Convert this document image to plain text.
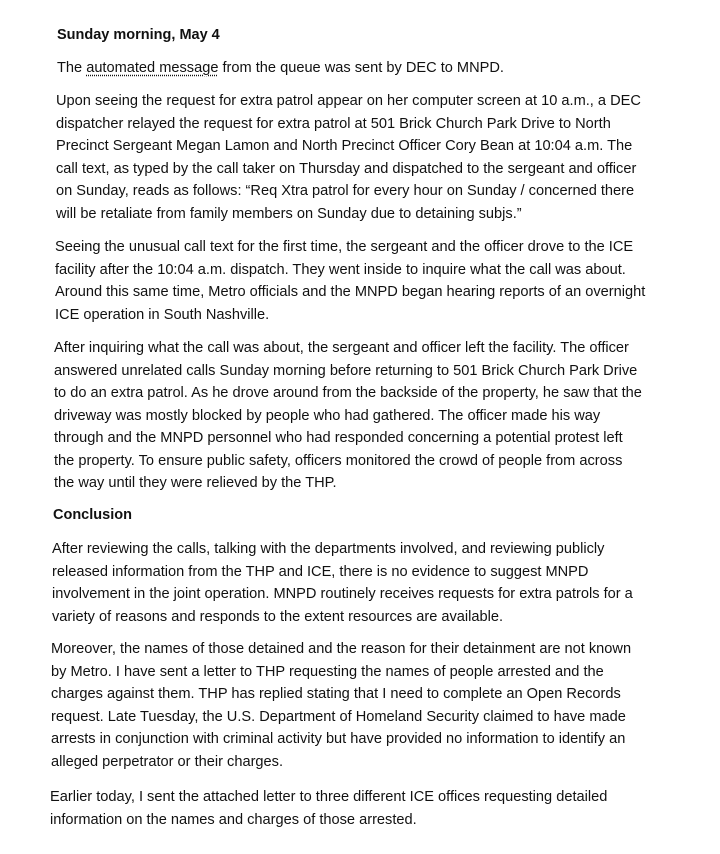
Sunday morning, May 4

The automated message from the queue was sent by DEC to MNPD.

Upon seeing the request for extra patrol appear on her computer screen at 10 a.m., a DEC
dispatcher relayed the request for extra patrol at 501 Brick Church Park Drive to North
Precinct Sergeant Megan Lamon and North Precinct Officer Cory Bean at 10:04 a.m. The
call text, as typed by the call taker on Thursday and dispatched to the sergeant and officer
on Sunday, reads as follows: “Req Xtra patrol for every hour on Sunday / concerned there
will be retaliate from family members on Sunday due to detaining subjs.”

Seeing the unusual call text for the first time, the sergeant and the officer drove to the ICE
facility after the 10:04 a.m. dispatch. They went inside to inquire what the call was about.
Around this same time, Metro officials and the MNPD began hearing reports of an overnight
ICE operation in South Nashville.

After inquiring what the call was about, the sergeant and officer left the facility. The officer
answered unrelated calls Sunday morning before returning to 501 Brick Church Park Drive
to do an extra patrol. As he drove around from the backside of the property, he saw that the
driveway was mostly blocked by people who had gathered. The officer made his way
through and the MNPD personnel who had responded concerning a potential protest left
the property. To ensure public safety, officers monitored the crowd of people from across
the way until they were relieved by the THP.

Conclusion

After reviewing the calls, talking with the departments involved, and reviewing publicly
released information from the THP and ICE, there is no evidence to suggest MNPD
involvement in the joint operation. MNPD routinely receives requests for extra patrols for a
variety of reasons and responds to the extent resources are available.

Moreover, the names of those detained and the reason for their detainment are not known
by Metro. I have sent a letter to THP requesting the names of people arrested and the
charges against them. THP has replied stating that I need to complete an Open Records
request. Late Tuesday, the U.S. Department of Homeland Security claimed to have made
arrests in conjunction with criminal activity but have provided no information to identify an
alleged perpetrator or their charges.

Earlier today, I sent the attached letter to three different ICE offices requesting detailed
information on the names and charges of those arrested.
